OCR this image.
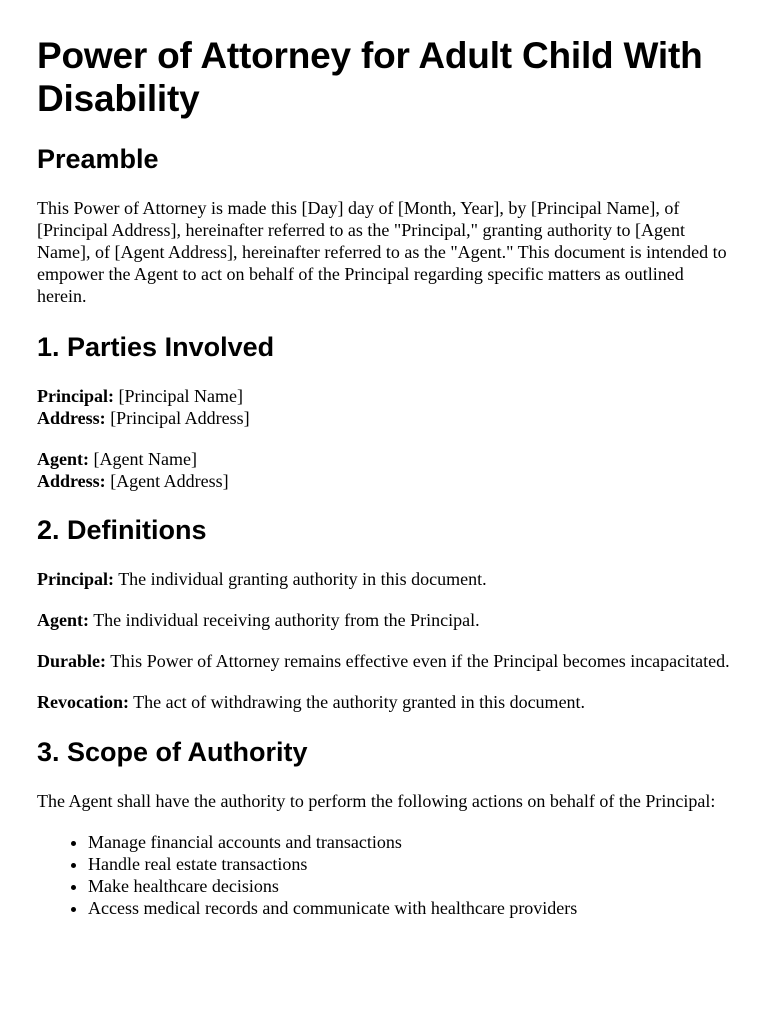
Power of Attorney for Adult Child With Disability
Preamble

This Power of Attorney is made this [Day] day of [Month, Year], by [Principal Name], of [Principal Address], hereinafter referred to as the "Principal," granting authority to [Agent Name], of [Agent Address], hereinafter referred to as the "Agent." This document is intended to empower the Agent to act on behalf of the Principal regarding specific matters as outlined herein.

1. Parties Involved

Principal: [Principal Name]
Address: [Principal Address]

Agent: [Agent Name]
Address: [Agent Address]

2. Definitions

Principal: The individual granting authority in this document.

Agent: The individual receiving authority from the Principal.

Durable: This Power of Attorney remains effective even if the Principal becomes incapacitated.

Revocation: The act of withdrawing the authority granted in this document.

3. Scope of Authority

The Agent shall have the authority to perform the following actions on behalf of the Principal:

• Manage financial accounts and transactions
• Handle real estate transactions
• Make healthcare decisions
• Access medical records and communicate with healthcare providers
